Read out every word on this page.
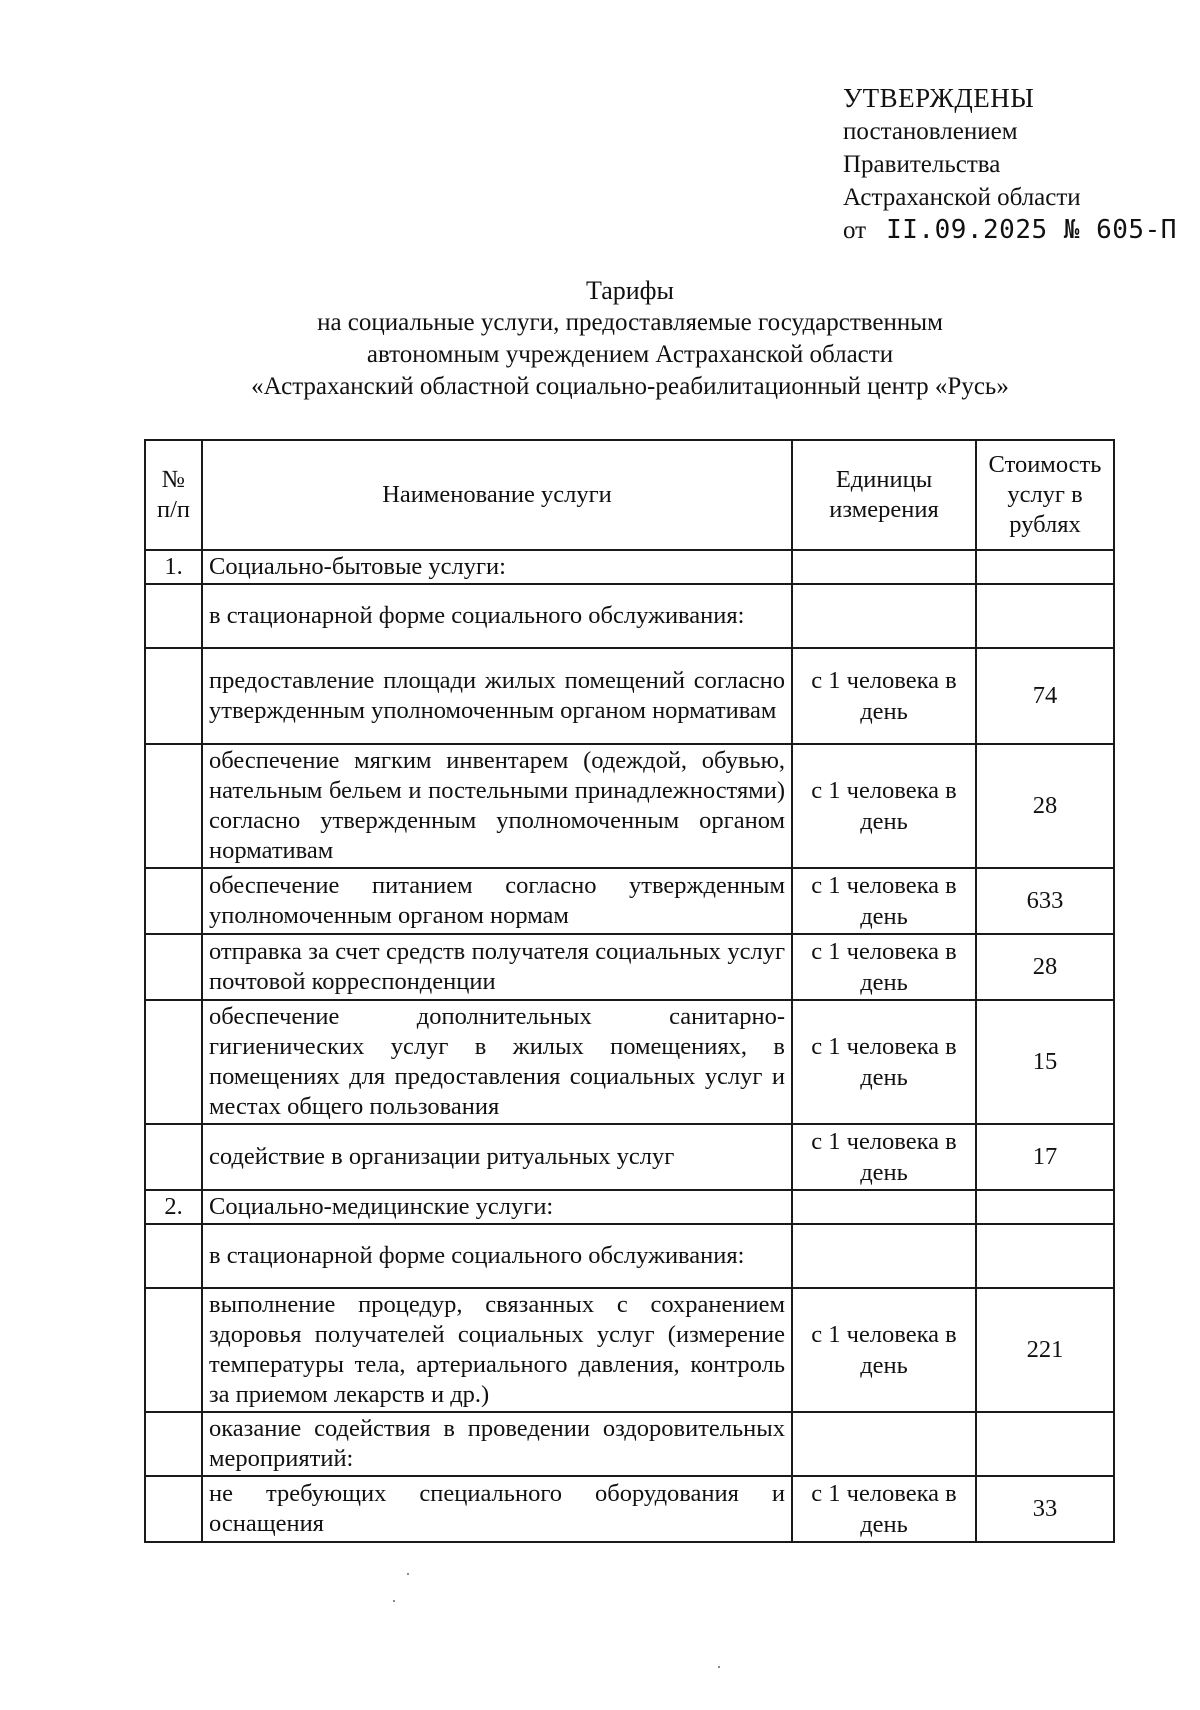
УТВЕРЖДЕНЫ
постановлением
Правительства
Астраханской области
от II.09.2025 № 605-П
Тарифы
на социальные услуги, предоставляемые государственным
автономным учреждением Астраханской области
«Астраханский областной социально-реабилитационный центр «Русь»
№ п/п	Наименование услуги	Единицы измерения	Стоимость услуг в рублях
1.	Социально-бытовые услуги:		
	в стационарной форме социального обслуживания:		
	предоставление площади жилых помещений согласно утвержденным уполномоченным органом нормативам	с 1 человека в день	74
	обеспечение мягким инвентарем (одеждой, обувью, нательным бельем и постельными принадлежностями) согласно утвержденным уполномоченным органом нормативам	с 1 человека в день	28
	обеспечение питанием согласно утвержденным уполномоченным органом нормам	с 1 человека в день	633
	отправка за счет средств получателя социальных услуг почтовой корреспонденции	с 1 человека в день	28
	обеспечение дополнительных санитарно-гигиенических услуг в жилых помещениях, в помещениях для предоставления социальных услуг и местах общего пользования	с 1 человека в день	15
	содействие в организации ритуальных услуг	с 1 человека в день	17
2.	Социально-медицинские услуги:		
	в стационарной форме социального обслуживания:		
	выполнение процедур, связанных с сохранением здоровья получателей социальных услуг (измерение температуры тела, артериального давления, контроль за приемом лекарств и др.)	с 1 человека в день	221
	оказание содействия в проведении оздоровительных мероприятий:		
	не требующих специального оборудования и оснащения	с 1 человека в день	33
